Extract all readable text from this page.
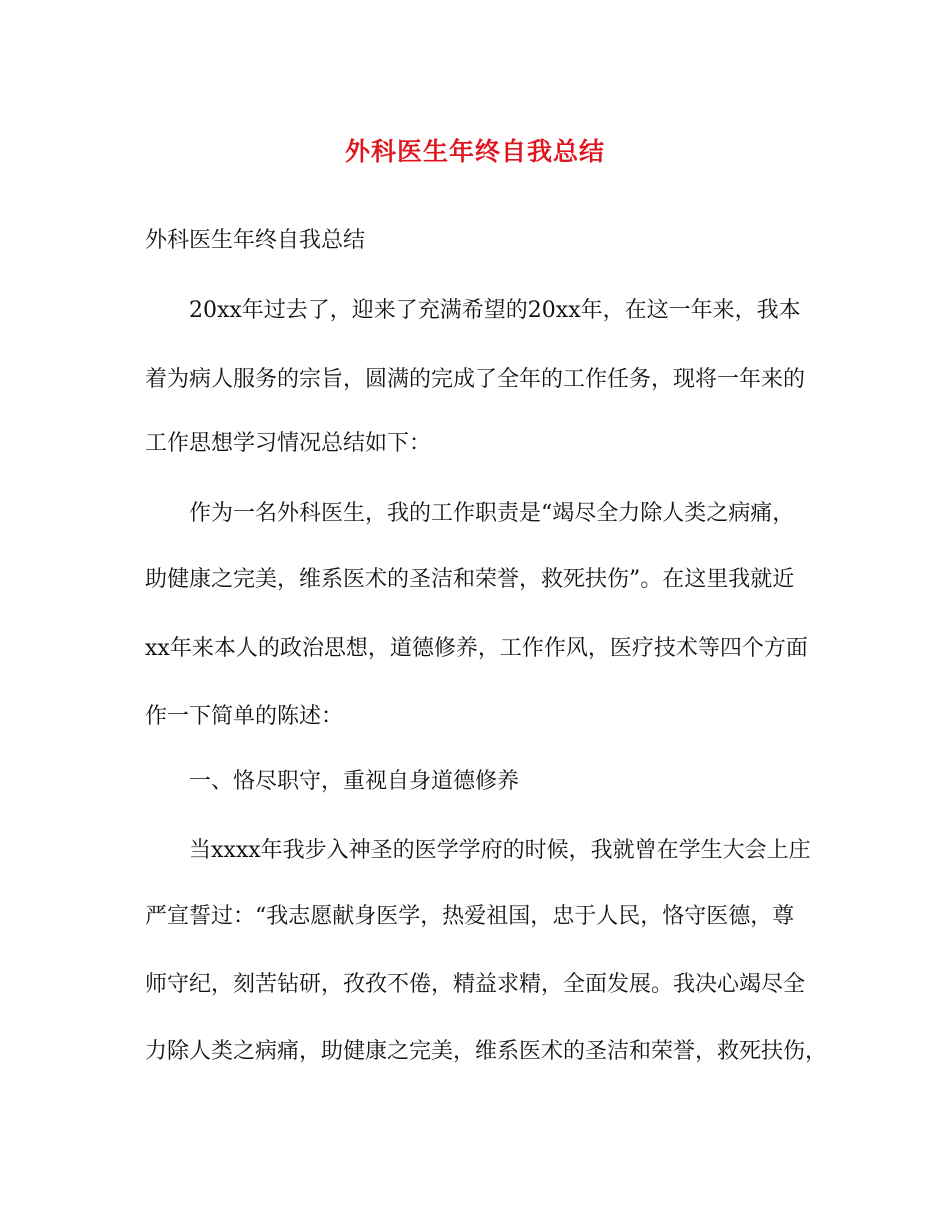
外科医生年终自我总结
外科医生年终自我总结
20xx年过去了，迎来了充满希望的20xx年，在这一年来，我本
着为病人服务的宗旨，圆满的完成了全年的工作任务，现将一年来的
工作思想学习情况总结如下：
作为一名外科医生，我的工作职责是“竭尽全力除人类之病痛，
助健康之完美，维系医术的圣洁和荣誉，救死扶伤”。在这里我就近
xx年来本人的政治思想，道德修养，工作作风，医疗技术等四个方面
作一下简单的陈述：
一、恪尽职守，重视自身道德修养
当xxxx年我步入神圣的医学学府的时候，我就曾在学生大会上庄
严宣誓过：“我志愿献身医学，热爱祖国，忠于人民，恪守医德，尊
师守纪，刻苦钻研，孜孜不倦，精益求精，全面发展。我决心竭尽全
力除人类之病痛，助健康之完美，维系医术的圣洁和荣誉，救死扶伤，
